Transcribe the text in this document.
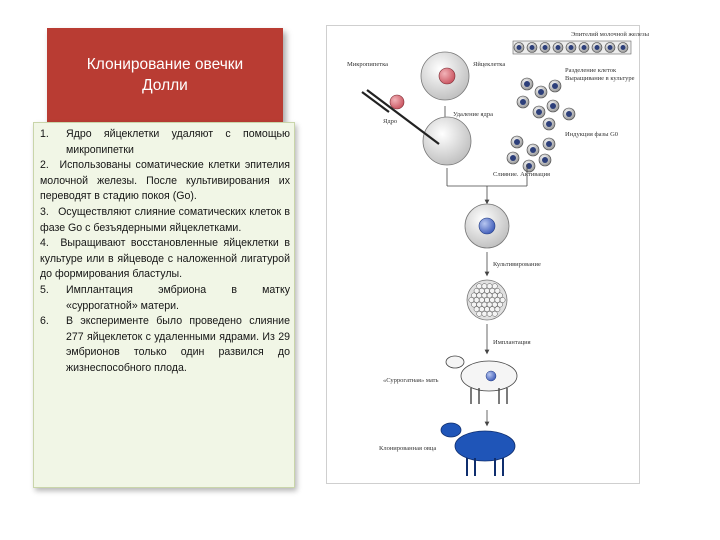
Клонирование овечки
Долли
1.	Ядро яйцеклетки удаляют с помощью микропипетки
2. Использованы соматические клетки эпителия молочной железы. После культивирования их переводят в стадию покоя (Go).
3. Осуществляют слияние соматических клеток в фазе Go с безъядерными яйцеклетками.
4. Выращивают восстановленные яйцеклетки в культуре или в яйцеводе с наложенной лигатурой до формирования бластулы.
5.	Имплантация эмбриона в матку «суррогатной» матери.
6.	В эксперименте было проведено слияние 277 яйцеклеток с удаленными ядрами. Из 29 эмбрионов только один развился до жизнеспособного плода.
Эпителий молочной железы
Микропипетка	Яйцеклетка
Удаление ядра
Ядро
Разделение клеток
Выращивание в культуре
Индукция фазы G0
Слияние. Активация
Культивирование
Имплантация
«Суррогатная» мать
Клонированная овца
